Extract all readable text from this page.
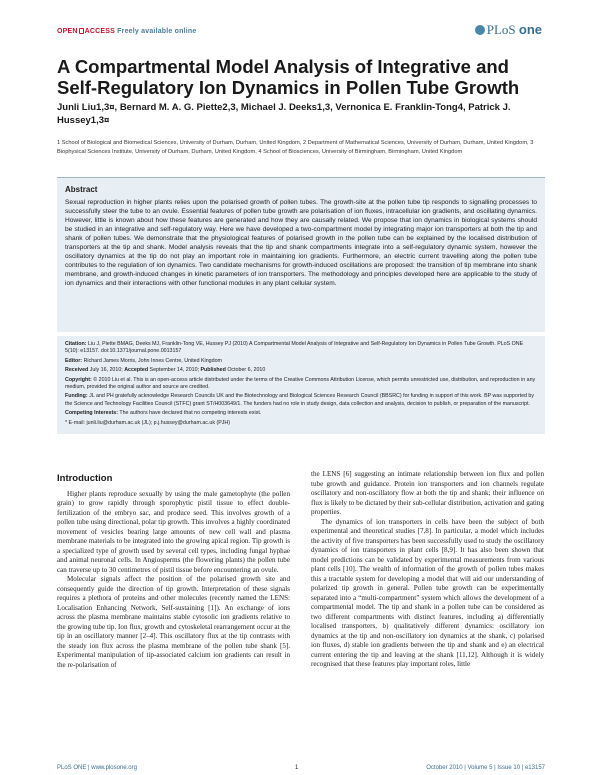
OPEN ACCESS Freely available online	PLoS one
A Compartmental Model Analysis of Integrative and Self-Regulatory Ion Dynamics in Pollen Tube Growth
Junli Liu1,3¤, Bernard M. A. G. Piette2,3, Michael J. Deeks1,3, Vernonica E. Franklin-Tong4, Patrick J. Hussey1,3¤
1 School of Biological and Biomedical Sciences, University of Durham, Durham, United Kingdom, 2 Department of Mathematical Sciences, University of Durham, Durham, United Kingdom, 3 Biophysical Sciences Institute, University of Durham, Durham, United Kingdom, 4 School of Biosciences, University of Birmingham, Birmingham, United Kingdom
Abstract

Sexual reproduction in higher plants relies upon the polarised growth of pollen tubes. The growth-site at the pollen tube tip responds to signalling processes to successfully steer the tube to an ovule. Essential features of pollen tube growth are polarisation of ion fluxes, intracellular ion gradients, and oscillating dynamics. However, little is known about how these features are generated and how they are causally related. We propose that ion dynamics in biological systems should be studied in an integrative and self-regulatory way. Here we have developed a two-compartment model by integrating major ion transporters at both the tip and shank of pollen tubes. We demonstrate that the physiological features of polarised growth in the pollen tube can be explained by the localised distribution of transporters at the tip and shank. Model analysis reveals that the tip and shank compartments integrate into a self-regulatory dynamic system, however the oscillatory dynamics at the tip do not play an important role in maintaining ion gradients. Furthermore, an electric current travelling along the pollen tube contributes to the regulation of ion dynamics. Two candidate mechanisms for growth-induced oscillations are proposed: the transition of tip membrane into shank membrane, and growth-induced changes in kinetic parameters of ion transporters. The methodology and principles developed here are applicable to the study of ion dynamics and their interactions with other functional modules in any plant cellular system.

Citation: Liu J, Piette BMAG, Deeks MJ, Franklin-Tong VE, Hussey PJ (2010) A Compartmental Model Analysis of Integrative and Self-Regulatory Ion Dynamics in Pollen Tube Growth. PLoS ONE 5(10): e13157. doi:10.1371/journal.pone.0013157

Editor: Richard James Morris, John Innes Centre, United Kingdom

Received July 16, 2010; Accepted September 14, 2010; Published October 6, 2010

Copyright: © 2010 Liu et al. This is an open-access article distributed under the terms of the Creative Commons Attribution License, which permits unrestricted use, distribution, and reproduction in any medium, provided the original author and source are credited.

Funding: JL and PH gratefully acknowledge Research Councils UK and the Biotechnology and Biological Sciences Research Council (BBSRC) for funding in support of this work. BP was supported by the Science and Technology Facilities Council (STFC) grant ST/H003649/1. The funders had no role in study design, data collection and analysis, decision to publish, or preparation of the manuscript.

Competing Interests: The authors have declared that no competing interests exist.

* E-mail: junli.liu@durham.ac.uk (JL); p.j.hussey@durham.ac.uk (PJH)

Introduction

Higher plants reproduce sexually by using the male gametophyte (the pollen grain) to grow rapidly through sporophytic pistil tissue to effect double-fertilization of the embryo sac, and produce seed. This involves growth of a pollen tube using directional, polar tip growth. This involves a highly coordinated movement of vesicles bearing large amounts of new cell wall and plasma membrane materials to be integrated into the growing apical region. Tip growth is a specialized type of growth used by several cell types, including fungal hyphae and animal neuronal cells. In Angiosperms (the flowering plants) the pollen tube can traverse up to 30 centimetres of pistil tissue before encountering an ovule.

Molecular signals affect the position of the polarised growth site and consequently guide the direction of tip growth. Interpretation of these signals requires a plethora of proteins and other molecules (recently named the LENS: Localisation Enhancing Network, Self-sustaining [1]). An exchange of ions across the plasma membrane maintains stable cytosolic ion gradients relative to the growing tube tip. Ion flux, growth and cytoskeletal rearrangement occur at the tip in an oscillatory manner [2–4]. This oscillatory flux at the tip contrasts with the steady ion flux across the plasma membrane of the pollen tube shank [5]. Experimental manipulation of tip-associated calcium ion gradients can result in the re-polarisation of

the LENS [6] suggesting an intimate relationship between ion flux and pollen tube growth and guidance. Protein ion transporters and ion channels regulate oscillatory and non-oscillatory flow at both the tip and shank; their influence on flux is likely to be dictated by their sub-cellular distribution, activation and gating properties.

The dynamics of ion transporters in cells have been the subject of both experimental and theoretical studies [7,8]. In particular, a model which includes the activity of five transporters has been successfully used to study the oscillatory dynamics of ion transporters in plant cells [8,9]. It has also been shown that model predictions can be validated by experimental measurements from various plant cells [10]. The wealth of information of the growth of pollen tubes makes this a tractable system for developing a model that will aid our understanding of polarized tip growth in general. Pollen tube growth can be experimentally separated into a “multi-compartment” system which allows the development of a compartmental model. The tip and shank in a pollen tube can be considered as two different compartments with distinct features, including a) differentially localised transporters, b) qualitatively different dynamics: oscillatory ion dynamics at the tip and non-oscillatory ion dynamics at the shank, c) polarised ion fluxes, d) stable ion gradients between the tip and shank and e) an electrical current entering the tip and leaving at the shank [11,12]. Although it is widely recognised that these features play important roles, little

PLoS ONE | www.plosone.org	1	October 2010 | Volume 5 | Issue 10 | e13157
